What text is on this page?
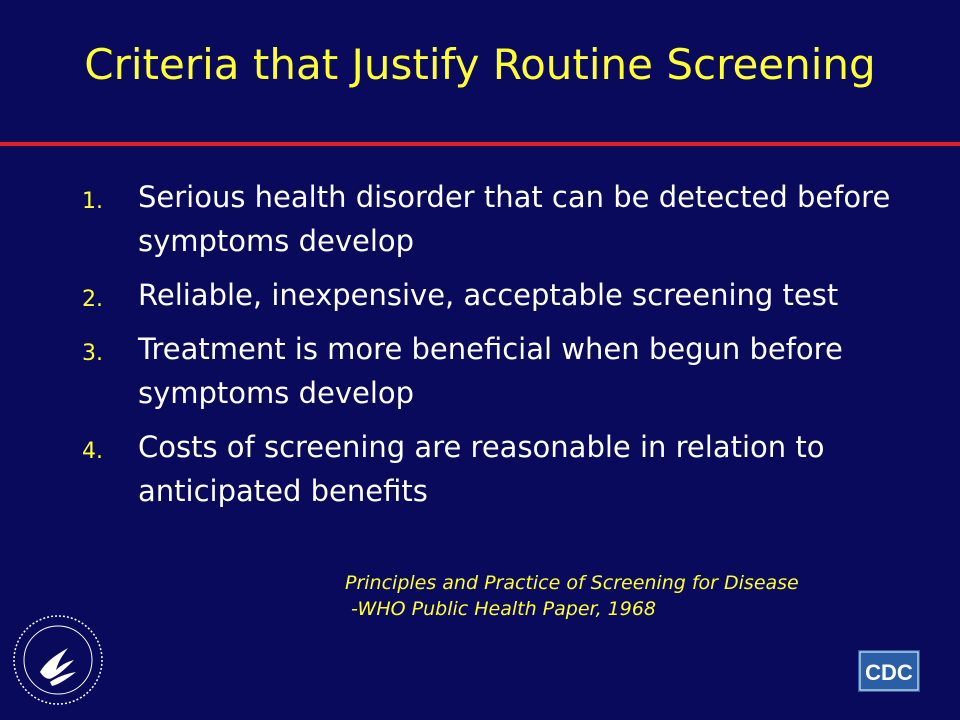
Criteria that Justify Routine Screening
1.	Serious health disorder that can be detected before symptoms develop
2.	Reliable, inexpensive, acceptable screening test
3.	Treatment is more beneficial when begun before symptoms develop
4.	Costs of screening are reasonable in relation to anticipated benefits
Principles and Practice of Screening for Disease
-WHO Public Health Paper, 1968
CDC
